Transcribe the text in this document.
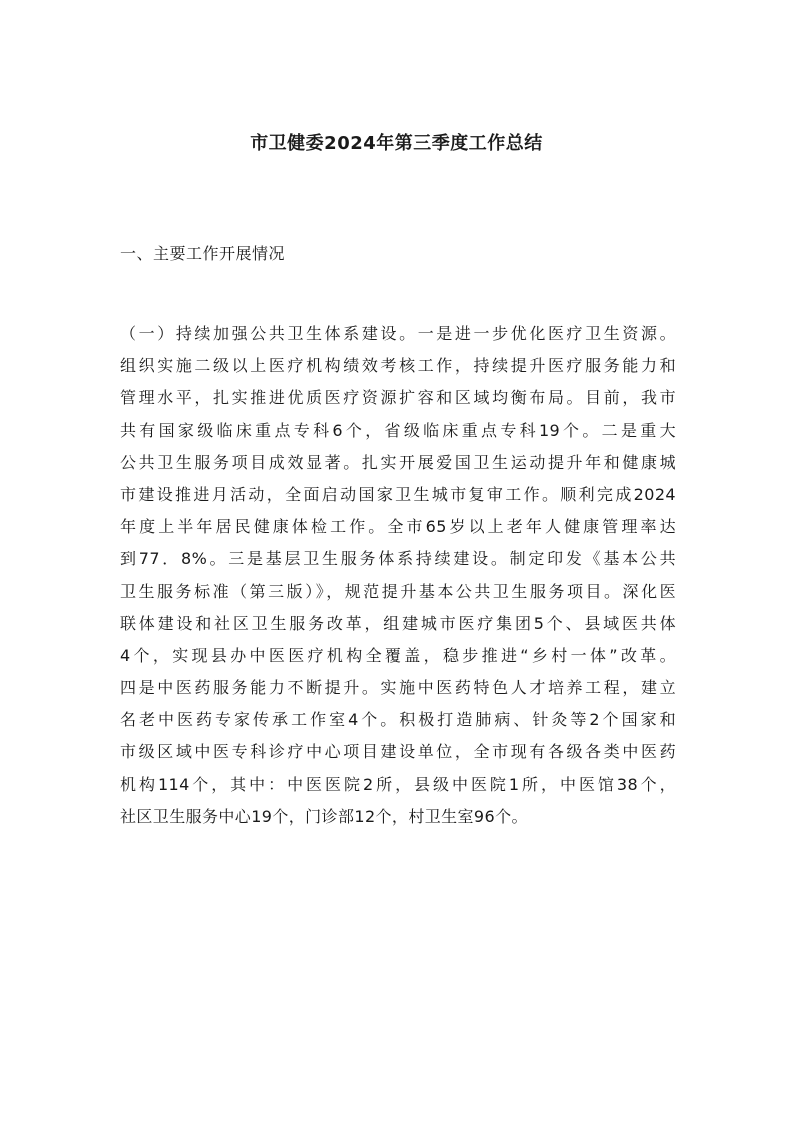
市卫健委2024年第三季度工作总结
一、主要工作开展情况
（一）持续加强公共卫生体系建设。一是进一步优化医疗卫生资源。
组织实施二级以上医疗机构绩效考核工作，持续提升医疗服务能力和
管理水平，扎实推进优质医疗资源扩容和区域均衡布局。目前，我市
共有国家级临床重点专科6个，省级临床重点专科19个。二是重大
公共卫生服务项目成效显著。扎实开展爱国卫生运动提升年和健康城
市建设推进月活动，全面启动国家卫生城市复审工作。顺利完成2024
年度上半年居民健康体检工作。全市65岁以上老年人健康管理率达
到77．8%。三是基层卫生服务体系持续建设。制定印发《基本公共
卫生服务标准（第三版）》，规范提升基本公共卫生服务项目。深化医
联体建设和社区卫生服务改革，组建城市医疗集团5个、县域医共体
4个，实现县办中医医疗机构全覆盖，稳步推进“乡村一体”改革。
四是中医药服务能力不断提升。实施中医药特色人才培养工程，建立
名老中医药专家传承工作室4个。积极打造肺病、针灸等2个国家和
市级区域中医专科诊疗中心项目建设单位，全市现有各级各类中医药
机构114个，其中：中医医院2所，县级中医院1所，中医馆38个，
社区卫生服务中心19个，门诊部12个，村卫生室96个。
